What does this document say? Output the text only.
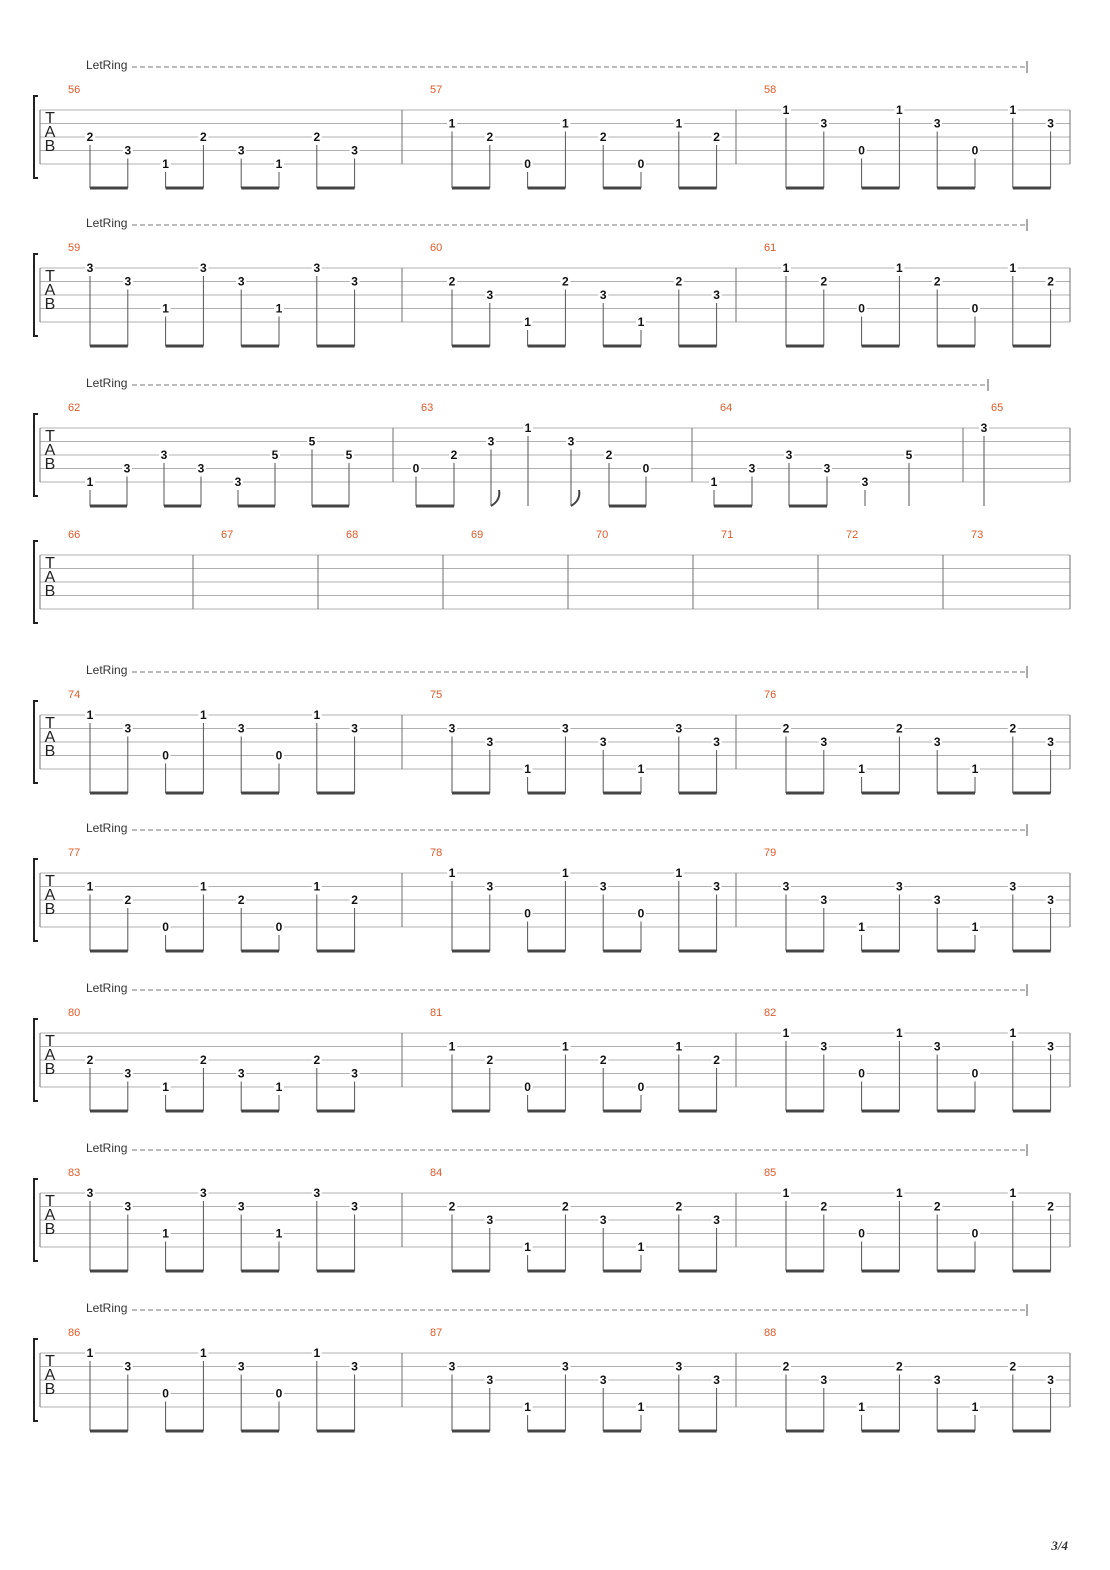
T
A
B
LetRing
56
2
3
1
2
3
1
2
3
57
1
2
0
1
2
0
1
2
58
1
3
0
1
3
0
1
3
T
A
B
LetRing
59
3
3
1
3
3
1
3
3
60
2
3
1
2
3
1
2
3
61
1
2
0
1
2
0
1
2
T
A
B
LetRing
62
1
3
3
3
3
5
5
5
63
0
2
3
1
3
2
0
64
1
3
3
3
3
5
65
3
T
A
B
66	67	68	69	70	71	72	73
T
A
B
LetRing
74
1
3
0
1
3
0
1
3
75
3
3
1
3
3
1
3
3
76
2
3
1
2
3
1
2
3
T
A
B
LetRing
77
1
2
0
1
2
0
1
2
78
1
3
0
1
3
0
1
3
79
3
3
1
3
3
1
3
3
T
A
B
LetRing
80
2
3
1
2
3
1
2
3
81
1
2
0
1
2
0
1
2
82
1
3
0
1
3
0
1
3
T
A
B
LetRing
83
3
3
1
3
3
1
3
3
84
2
3
1
2
3
1
2
3
85
1
2
0
1
2
0
1
2
T
A
B
LetRing
86
1
3
0
1
3
0
1
3
87
3
3
1
3
3
1
3
3
88
2
3
1
2
3
1
2
3
3/4
